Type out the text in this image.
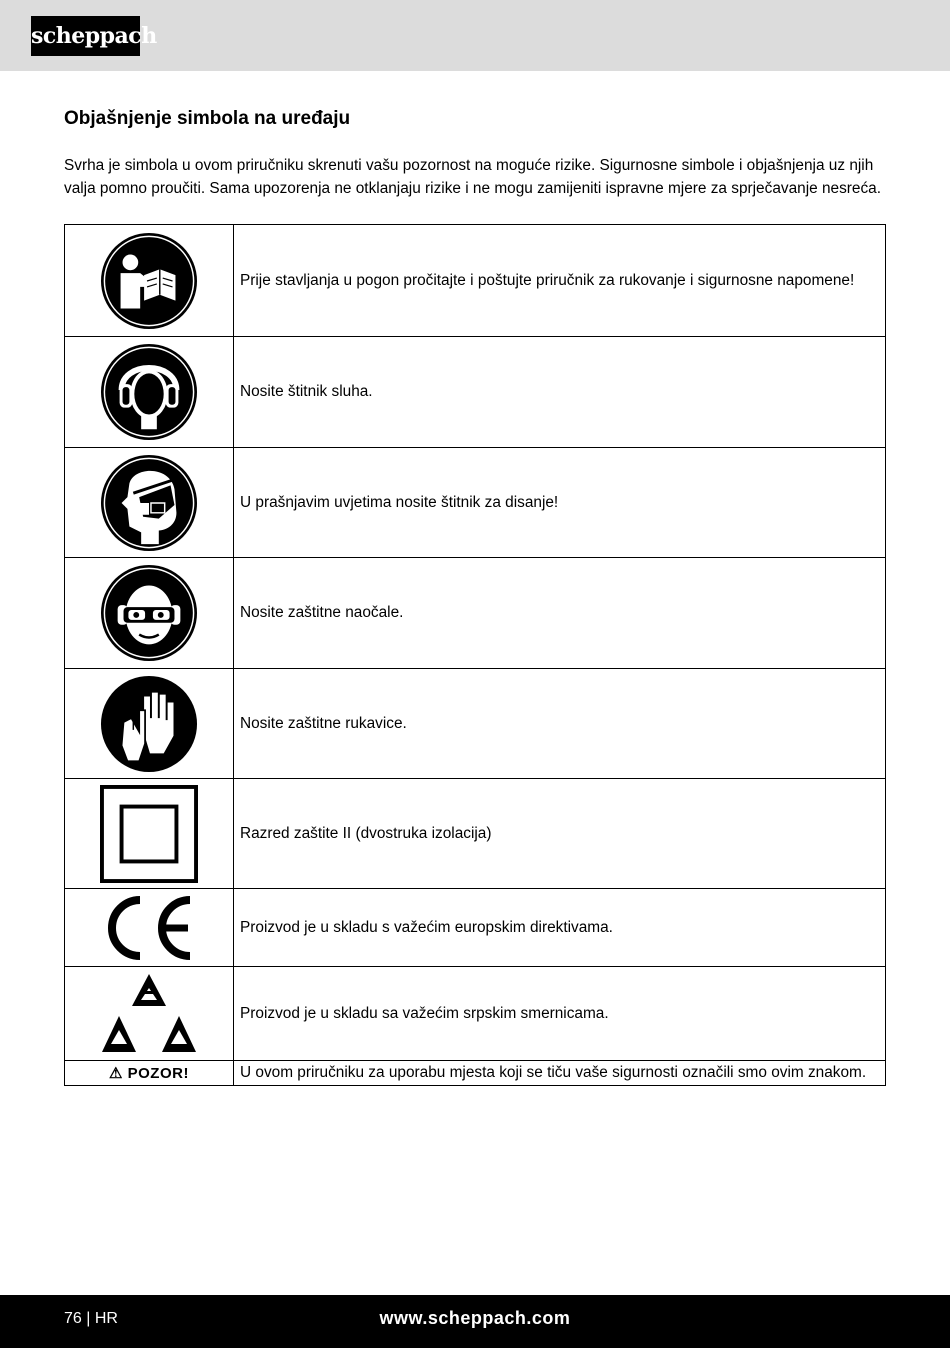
scheppach
Objašnjenje simbola na uređaju

Svrha je simbola u ovom priručniku skrenuti vašu pozornost na moguće rizike. Sigurnosne simbole i objašnjenja uz njih valja pomno proučiti. Sama upozorenja ne otklanjaju rizike i ne mogu zamijeniti ispravne mjere za sprječavanje nesreća.

	Prije stavljanja u pogon pročitajte i poštujte priručnik za rukovanje i sigurnosne napomene!

	Nosite štitnik sluha.

	U prašnjavim uvjetima nosite štitnik za disanje!

	Nosite zaštitne naočale.

	Nosite zaštitne rukavice.

	Razred zaštite II (dvostruka izolacija)

	Proizvod je u skladu s važećim europskim direktivama.

	Proizvod je u skladu sa važećim srpskim smernicama.
⚠ POZOR!	U ovom priručniku za uporabu mjesta koji se tiču vaše sigurnosti označili smo ovim znakom.
76 | HR	www.scheppach.com
